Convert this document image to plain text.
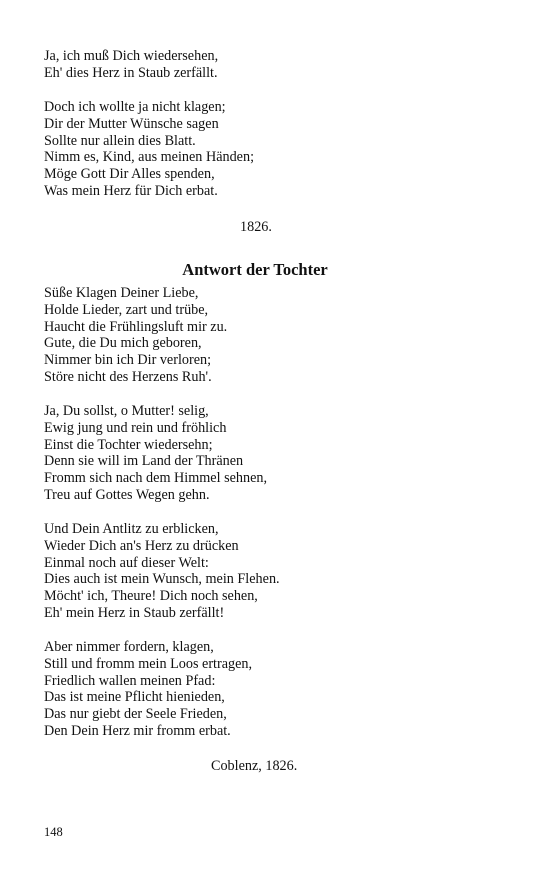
Ja, ich muß Dich wiedersehen,
Eh' dies Herz in Staub zerfällt.
Doch ich wollte ja nicht klagen;
Dir der Mutter Wünsche sagen
Sollte nur allein dies Blatt.
Nimm es, Kind, aus meinen Händen;
Möge Gott Dir Alles spenden,
Was mein Herz für Dich erbat.
1826.
Antwort der Tochter
Süße Klagen Deiner Liebe,
Holde Lieder, zart und trübe,
Haucht die Frühlingsluft mir zu.
Gute, die Du mich geboren,
Nimmer bin ich Dir verloren;
Störe nicht des Herzens Ruh'.
Ja, Du sollst, o Mutter! selig,
Ewig jung und rein und fröhlich
Einst die Tochter wiedersehn;
Denn sie will im Land der Thränen
Fromm sich nach dem Himmel sehnen,
Treu auf Gottes Wegen gehn.
Und Dein Antlitz zu erblicken,
Wieder Dich an's Herz zu drücken
Einmal noch auf dieser Welt:
Dies auch ist mein Wunsch, mein Flehen.
Möcht' ich, Theure! Dich noch sehen,
Eh' mein Herz in Staub zerfällt!
Aber nimmer fordern, klagen,
Still und fromm mein Loos ertragen,
Friedlich wallen meinen Pfad:
Das ist meine Pflicht hienieden,
Das nur giebt der Seele Frieden,
Den Dein Herz mir fromm erbat.
Coblenz, 1826.
148
